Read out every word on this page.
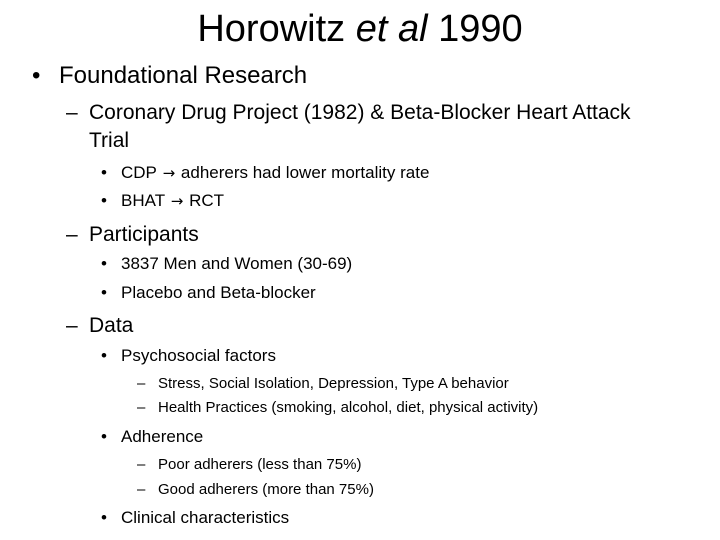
Horowitz et al 1990
• Foundational Research
– Coronary Drug Project (1982) & Beta-Blocker Heart Attack
Trial
• CDP → adherers had lower mortality rate
• BHAT → RCT
– Participants
• 3837 Men and Women (30-69)
• Placebo and Beta-blocker
– Data
• Psychosocial factors
– Stress, Social Isolation, Depression, Type A behavior
– Health Practices (smoking, alcohol, diet, physical activity)
• Adherence
– Poor adherers (less than 75%)
– Good adherers (more than 75%)
• Clinical characteristics
